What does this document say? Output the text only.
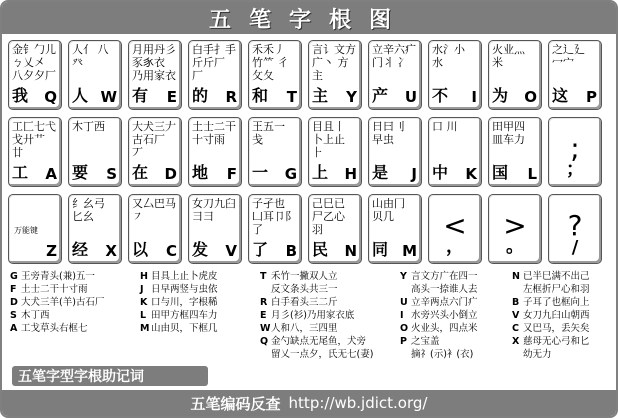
五笔字根图
金钅勹儿 ㄅ乂㐅 八夕夕厂
我 Q
人亻 八癶
人 W
月用丹彡 豕𧰨衣 乃用家衣
有 E
白手扌手 斤斤厂 厂
的 R
禾禾丿 竹⺮ 彳攵夂
和 T
言讠文方 广丶 方主
主 Y
立辛六疒 门丬 冫
产 U
水氵小 水
不 I
火业灬 米
为 O
之辶廴 冖宀
这 P
工匚七弋 戈廾艹 廿
工 A
木丁西
要 S
大犬三𠂇 古石厂 丆
在 D
土士二干 十寸雨
地 F
王五一 戋
一 G
目且丨 卜上止 ⺊
上 H
日曰刂 早虫
是 J
口 川
中 K
田甲四 皿车力
国 L
;
；
万能键
Z
纟幺弓 匕幺
经 X
又厶巴马 ㇇
以 C
女刀九臼 ⺕彐
发 V
子孑也 凵耳卩阝 了
了 B
己巳已 尸乙心 羽
民 N
山由冂 贝几
同 M
<
，
>
。
?
/
G 王旁青头(兼)五一
F 土士二干十寸雨
D 大犬三羊(羊)古石厂
S 木丁西
A 工戈草头右框七
H 目具上止卜虎皮
J 日早两竖与虫依
K 口与川，字根稀
L 田甲方框四车力
M 山由贝，下框几
T 禾竹一撇双人立
反文条头共三一
R 白手看头三二斤
E 月彡(衫)乃用家衣底
W人和八，三四里
Q 金勺缺点无尾鱼，犬旁
留乂一点夕，氏无七(妻)
Y 言文方广在四一
高头一捺谁人去
U 立辛两点六门疒
I 水旁兴头小倒立
O 火业头，四点米
P 之宝盖
摘礻(示)衤(衣)
N 已半巳满不出己
左框折尸心和羽
B 子耳了也框向上
V 女刀九臼山朝西
C 又巴马，丢矢矣
X 慈母无心弓和匕
幼无力
五笔字型字根助记词
五笔编码反查 http://wb.jdict.org/
